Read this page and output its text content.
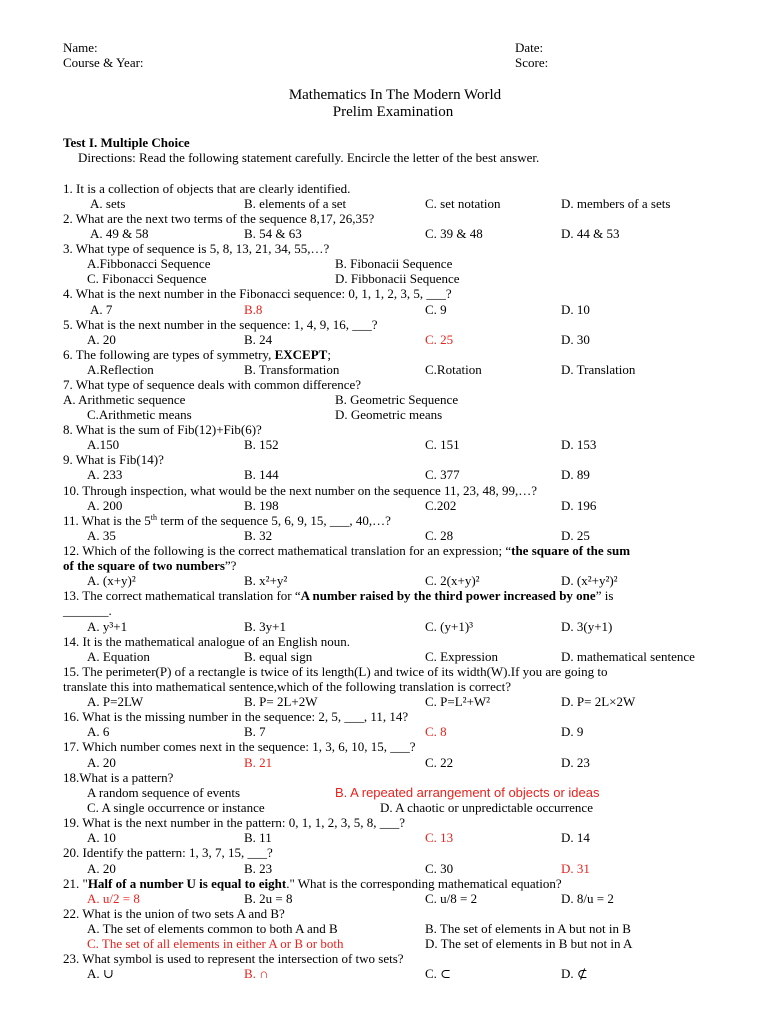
Name:
Course & Year:
Date:
Score:
Mathematics In The Modern World
Prelim Examination
Test I. Multiple Choice
Directions: Read the following statement carefully. Encircle the letter of the best answer.
1. It is a collection of objects that are clearly identified.
A. sets	B. elements of a set	C. set notation	D. members of a sets
2. What are the next two terms of the sequence 8,17, 26,35?
A. 49 & 58	B. 54 & 63	C. 39 & 48	D. 44 & 53
3. What type of sequence is 5, 8, 13, 21, 34, 55,…?
A.Fibbonacci Sequence	B. Fibonacii Sequence
C. Fibonacci Sequence	D. Fibbonacii Sequence
4. What is the next number in the Fibonacci sequence: 0, 1, 1, 2, 3, 5, ___?
A. 7	B.8	C. 9	D. 10
5. What is the next number in the sequence: 1, 4, 9, 16, ___?
A. 20	B. 24	C. 25	D. 30
6. The following are types of symmetry, EXCEPT;
A.Reflection	B. Transformation	C.Rotation	D. Translation
7. What type of sequence deals with common difference?
A. Arithmetic sequence	B. Geometric Sequence
C.Arithmetic means	D. Geometric means
8. What is the sum of Fib(12)+Fib(6)?
A.150	B. 152	C. 151	D. 153
9. What is Fib(14)?
A. 233	B. 144	C. 377	D. 89
10. Through inspection, what would be the next number on the sequence 11, 23, 48, 99,…?
A. 200	B. 198	C.202	D. 196
11. What is the 5th term of the sequence 5, 6, 9, 15, ___, 40,…?
A. 35	B. 32	C. 28	D. 25
12. Which of the following is the correct mathematical translation for an expression; “the square of the sum
of the square of two numbers”?
A. (x+y)²	B. x²+y²	C. 2(x+y)²	D. (x²+y²)²
13. The correct mathematical translation for “A number raised by the third power increased by one” is
_______.
A. y³+1	B. 3y+1	C. (y+1)³	D. 3(y+1)
14. It is the mathematical analogue of an English noun.
A. Equation	B. equal sign	C. Expression	D. mathematical sentence
15. The perimeter(P) of a rectangle is twice of its length(L) and twice of its width(W).If you are going to
translate this into mathematical sentence,which of the following translation is correct?
A. P=2LW	B. P= 2L+2W	C. P=L²+W²	D. P= 2L×2W
16. What is the missing number in the sequence: 2, 5, ___, 11, 14?
A. 6	B. 7	C. 8	D. 9
17. Which number comes next in the sequence: 1, 3, 6, 10, 15, ___?
A. 20	B. 21	C. 22	D. 23
18.What is a pattern?
A random sequence of events	B. A repeated arrangement of objects or ideas
C. A single occurrence or instance	D. A chaotic or unpredictable occurrence
19. What is the next number in the pattern: 0, 1, 1, 2, 3, 5, 8, ___?
A. 10	B. 11	C. 13	D. 14
20. Identify the pattern: 1, 3, 7, 15, ___?
A. 20	B. 23	C. 30	D. 31
21. "Half of a number U is equal to eight." What is the corresponding mathematical equation?
A. u/2 = 8	B. 2u = 8	C. u/8 = 2	D. 8/u = 2
22. What is the union of two sets A and B?
A. The set of elements common to both A and B	B. The set of elements in A but not in B
C. The set of all elements in either A or B or both	D. The set of elements in B but not in A
23. What symbol is used to represent the intersection of two sets?
A. ∪	B. ∩	C. ⊂	D. ⊄
